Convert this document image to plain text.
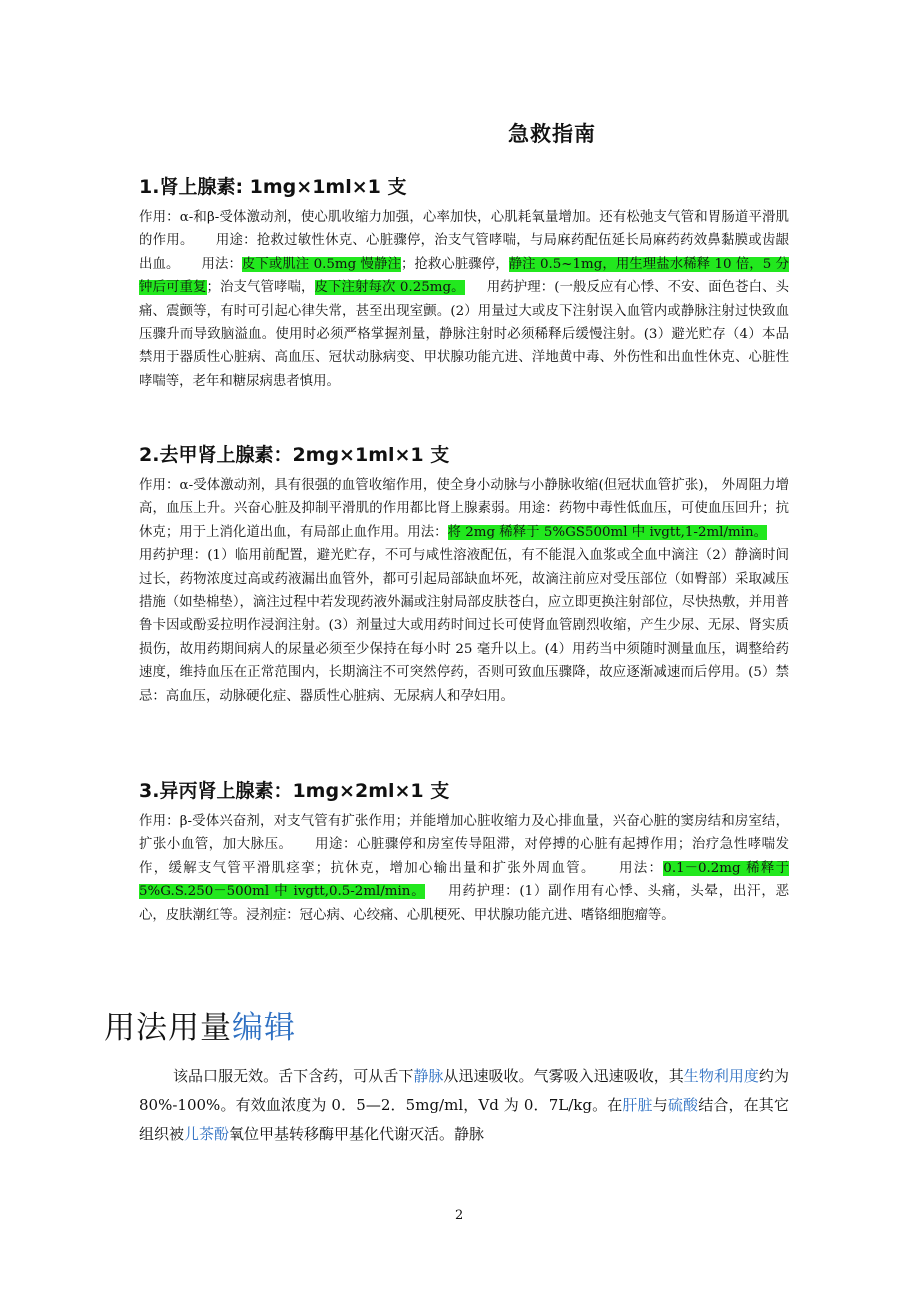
急救指南
1.肾上腺素: 1mg×1ml×1 支
作用：α-和β-受体激动剂，使心肌收缩力加强，心率加快，心肌耗氧量增加。还有松弛支气管和胃肠道平滑肌的作用。 用途：抢救过敏性休克、心脏骤停，治支气管哮喘，与局麻药配伍延长局麻药药效鼻黏膜或齿龈出血。 用法：皮下或肌注 0.5mg 慢静注；抢救心脏骤停，静注 0.5~1mg，用生理盐水稀释 10 倍，5 分钟后可重复；治支气管哮喘，皮下注射每次 0.25mg。 用药护理：(一般反应有心悸、不安、面色苍白、头痛、震颤等，有时可引起心律失常，甚至出现室颤。(2）用量过大或皮下注射误入血管内或静脉注射过快致血压骤升而导致脑溢血。使用时必须严格掌握剂量，静脉注射时必须稀释后缓慢注射。(3）避光贮存（4）本品禁用于器质性心脏病、高血压、冠状动脉病变、甲状腺功能亢进、洋地黄中毒、外伤性和出血性休克、心脏性哮喘等，老年和糖尿病患者慎用。
2.去甲肾上腺素：2mg×1ml×1 支
作用：α-受体激动剂，具有很强的血管收缩作用，使全身小动脉与小静脉收缩(但冠状血管扩张)， 外周阻力增高，血压上升。兴奋心脏及抑制平滑肌的作用都比肾上腺素弱。用途：药物中毒性低血压，可使血压回升；抗休克；用于上消化道出血，有局部止血作用。用法：将 2mg 稀释于 5%GS500ml 中 ivgtt,1-2ml/min。用药护理：(1）临用前配置，避光贮存，不可与咸性溶液配伍，有不能混入血浆或全血中滴注（2）静滴时间过长，药物浓度过高或药液漏出血管外，都可引起局部缺血坏死，故滴注前应对受压部位（如臀部）采取减压措施（如垫棉垫），滴注过程中若发现药液外漏或注射局部皮肤苍白，应立即更换注射部位，尽快热敷，并用普鲁卡因或酚妥拉明作浸润注射。(3）剂量过大或用药时间过长可使肾血管剧烈收缩，产生少尿、无尿、肾实质损伤，故用药期间病人的尿量必须至少保持在每小时 25 毫升以上。(4）用药当中须随时测量血压，调整给药速度，维持血压在正常范围内，长期滴注不可突然停药，否则可致血压骤降，故应逐渐减速而后停用。(5）禁忌：高血压，动脉硬化症、器质性心脏病、无尿病人和孕妇用。
3.异丙肾上腺素：1mg×2ml×1 支
作用：β-受体兴奋剂，对支气管有扩张作用；并能增加心脏收缩力及心排血量，兴奋心脏的窦房结和房室结，扩张小血管，加大脉压。 用途：心脏骤停和房室传导阻滞，对停搏的心脏有起搏作用；治疗急性哮喘发作，缓解支气管平滑肌痉挛；抗休克，增加心输出量和扩张外周血管。 用法：0.1－0.2mg 稀释于 5%G.S.250－500ml 中 ivgtt,0.5-2ml/min。 用药护理：(1）副作用有心悸、头痛，头晕，出汗，恶心，皮肤潮红等。浸剂症：冠心病、心绞痛、心肌梗死、甲状腺功能亢进、嗜铬细胞瘤等。
用法用量编辑
该品口服无效。舌下含药，可从舌下静脉从迅速吸收。气雾吸入迅速吸收，其生物利用度约为 80%-100%。有效血浓度为 0．5—2．5mg/ml，Vd 为 0．7L/kg。在肝脏与硫酸结合，在其它组织被儿茶酚氧位甲基转移酶甲基化代谢灭活。静脉
2
